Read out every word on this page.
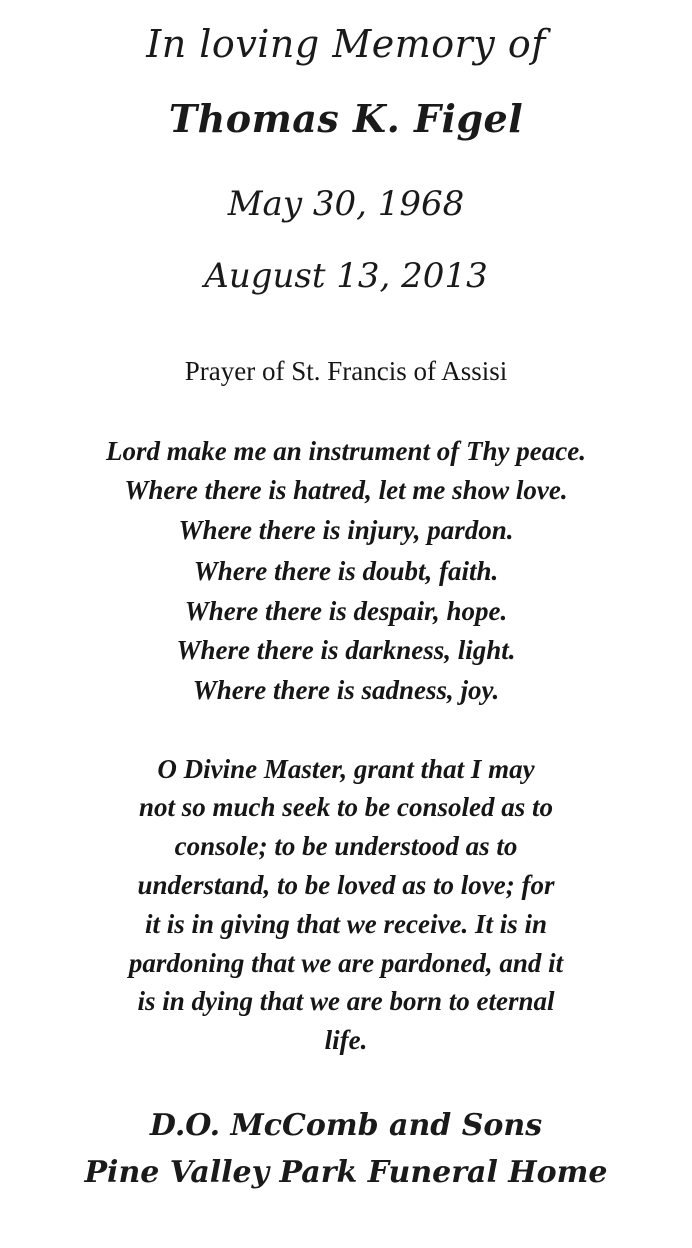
In loving Memory of
Thomas K. Figel
May 30, 1968
August 13, 2013
Prayer of St. Francis of Assisi
Lord make me an instrument of Thy peace.
Where there is hatred, let me show love.
Where there is injury, pardon.
Where there is doubt, faith.
Where there is despair, hope.
Where there is darkness, light.
Where there is sadness, joy.
O Divine Master, grant that I may
not so much seek to be consoled as to
console; to be understood as to
understand, to be loved as to love; for
it is in giving that we receive. It is in
pardoning that we are pardoned, and it
is in dying that we are born to eternal
life.
D.O. McComb and Sons
Pine Valley Park Funeral Home
